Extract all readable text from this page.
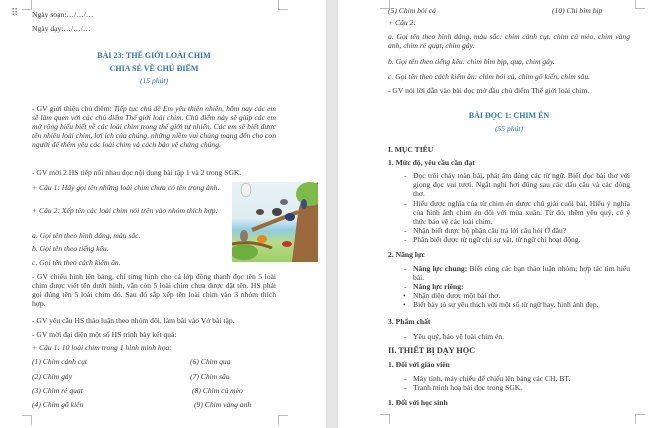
⠿ Ngày soạn:…/…/…
Ngày dạy:…/…/…
BÀI 23: THẾ GIỚI LOÀI CHIM
CHIA SẺ VỀ CHỦ ĐIỂM
(15 phút)
- GV giới thiệu chủ điểm: Tiếp tục chủ đề Em yêu thiên nhiên, hôm nay các em sẽ làm quen với các chủ điểm Thế giới loài chim. Chủ điểm này sẽ giúp các em mở rộng hiểu biết về các loài chim trong thế giới tự nhiên. Các em sẽ biết được tên nhiều loài chim, lợi ích của chúng, những niềm vui chúng mang đến cho con người để thêm yêu các loài chim và cách bảo vệ chúng chúng.
- GV mời 2 HS tiếp nối nhau đọc nội dung bài tập 1 và 2 trong SGK.
+ Câu 1: Hãy gọi tên những loài chim chưa có tên trong ảnh.
+ Câu 2: Xếp tên các loài chim nói trên vào nhóm thích hợp:
a. Gọi tên theo hình dáng, màu sắc.
b. Gọi tên theo tiếng kêu.
c. Gọi tên theo cách kiếm ăn.
- GV chiếu hình lên bảng, chỉ từng hình cho cả lớp đồng thanh đọc tên 5 loài chim được viết tên dưới hình, vẫn còn 5 loài chim chưa được đặt tên. HS phải gọi đúng tên 5 loài chim đó. Sau đó sắp xếp tên loài chim vào 3 nhóm thích hợp.
- GV yêu cầu HS thảo luận theo nhóm đôi, làm bài vào Vở bài tập.
- GV mời đại diện một số HS trình bày kết quả:
+ Câu 1: 10 loài chim trong 1 hình minh họa:
(1) Chim cánh cụt	(6) Chim quạ
(2) Chim gáy	(7) Chim sâu
(3) Chim rẻ quạt	(8) Chim cú mèo
(4) Chim gõ kiến	(9) Chim vàng anh
(5) Chim bói cá	(10) Chi bìm bịp
+ Câu 2:
a. Gọi tên theo hình dáng, màu sắc: chim cánh cụt, chim cú mèo, chim vàng anh, chim rẻ quạt, chim gáy.
b. Gọi tên theo tiếng kêu: chim bìm bịp, quạ, chim gáy.
c. Gọi tên theo cách kiếm ăn: chim bói cá, chim gõ kiến, chim sâu.
- GV nói lời dẫn vào bài đọc mở đầu chủ điểm Thế giới loài chim.
BÀI ĐỌC 1: CHIM ÉN
(55 phút)
I. MỤC TIÊU
1. Mức độ, yêu cầu cần đạt
- Đọc trôi chảy toàn bài, phát âm đúng các từ ngữ. Biết đọc bài thơ với giọng đọc vui tươi. Ngắt nghỉ hơi đúng sau các dấu câu và các dòng thơ.
- Hiểu được nghĩa của từ chim én được chú giải cuối bài. Hiểu ý nghĩa của hình ảnh chim én đối với mùa xuân. Từ đó, thêm yêu quý, có ý thức bảo vệ các loài chim.
- Nhận biết được bộ phận câu trả lời câu hỏi Ở đâu?
- Phân biệt được từ ngữ chỉ sự vật, từ ngữ chỉ hoạt động.
2. Năng lực
- Năng lực chung: Biết cùng các bạn thảo luận nhóm; hợp tác tìm hiểu bài.
- Năng lực riêng:
• Nhận diện được một bài thơ.
• Biết bày tỏ sự yêu thích với một số từ ngữ hay, hình ảnh đẹp.
3. Phẩm chất
- Yêu quý, bảo vệ loài chim én.
II. THIẾT BỊ DẠY HỌC
1. Đối với giáo viên
- Máy tính, máy chiếu để chiếu lên bảng các CH, BT.
- Tranh minh hoạ bài đọc trong SGK.
1. Đối với học sinh
